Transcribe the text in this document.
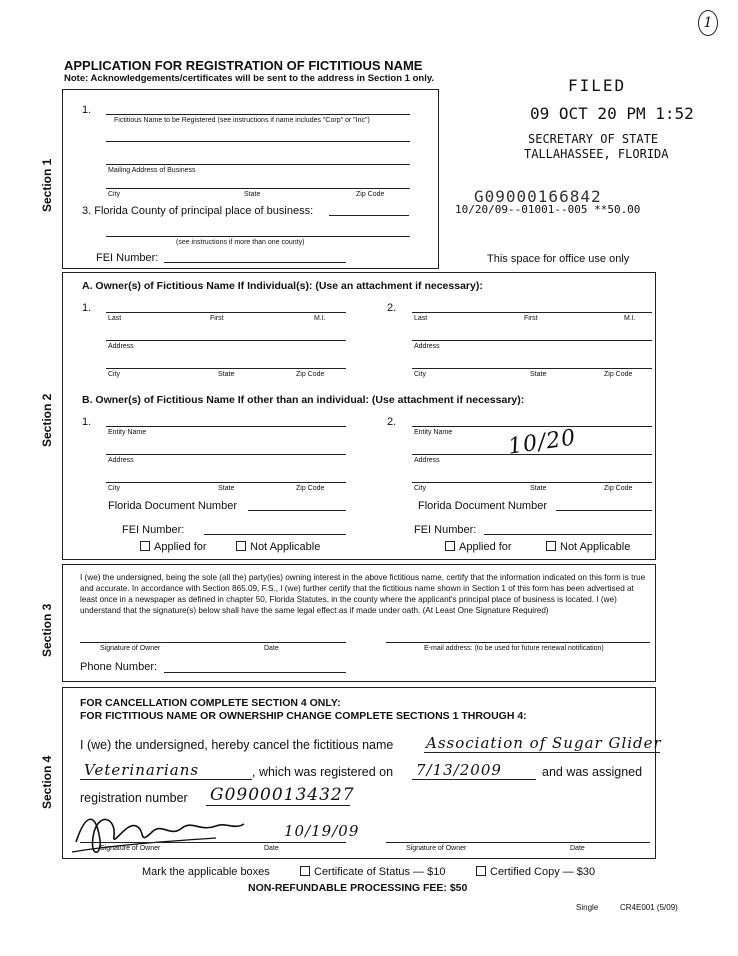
1
APPLICATION FOR REGISTRATION OF FICTITIOUS NAME
Note: Acknowledgements/certificates will be sent to the address in Section 1 only.	FILED
09 OCT 20 PM 1:52
SECRETARY OF STATE
TALLAHASSEE, FLORIDA
G09000166842
10/20/09--01001--005 **50.00
This space for office use only
Section 1
1.
Fictitious Name to be Registered (see instructions if name includes "Corp" or "Inc")
Mailing Address of Business
City	State	Zip Code
3. Florida County of principal place of business:
(see instructions if more than one county)
FEI Number:
Section 2
A. Owner(s) of Fictitious Name If Individual(s): (Use an attachment if necessary):
1.
Last	First	M.I.
Address
City	State	Zip Code
2.
Last	First	M.I.
Address
City	State	Zip Code
B. Owner(s) of Fictitious Name If other than an individual: (Use attachment if necessary):
1.
Entity Name
Address
City	State	Zip Code
Florida Document Number
FEI Number:
Applied for	Not Applicable
2.
Entity Name
Address
City	State	Zip Code
Florida Document Number
FEI Number:
Applied for	Not Applicable
10/20
Section 3
I (we) the undersigned, being the sole (all the) party(ies) owning interest in the above fictitious name, certify that the information indicated on this form is true and accurate. In accordance with Section 865.09, F.S., I (we) further certify that the fictitious name shown in Section 1 of this form has been advertised at least once in a newspaper as defined in chapter 50, Florida Statutes, in the county where the applicant's principal place of business is located. I (we) understand that the signature(s) below shall have the same legal effect as if made under oath. (At Least One Signature Required)
Signature of Owner	Date	E-mail address: (to be used for future renewal notification)
Phone Number:
Section 4
FOR CANCELLATION COMPLETE SECTION 4 ONLY:
FOR FICTITIOUS NAME OR OWNERSHIP CHANGE COMPLETE SECTIONS 1 THROUGH 4:
I (we) the undersigned, hereby cancel the fictitious name Association of Sugar Glider
Veterinarians	, which was registered on 7/13/2009	and was assigned
registration number G09000134327
10/19/09
Signature of Owner	Date	Signature of Owner	Date
Mark the applicable boxes	Certificate of Status — $10	Certified Copy — $30
NON-REFUNDABLE PROCESSING FEE: $50
Single	CR4E001 (5/09)
